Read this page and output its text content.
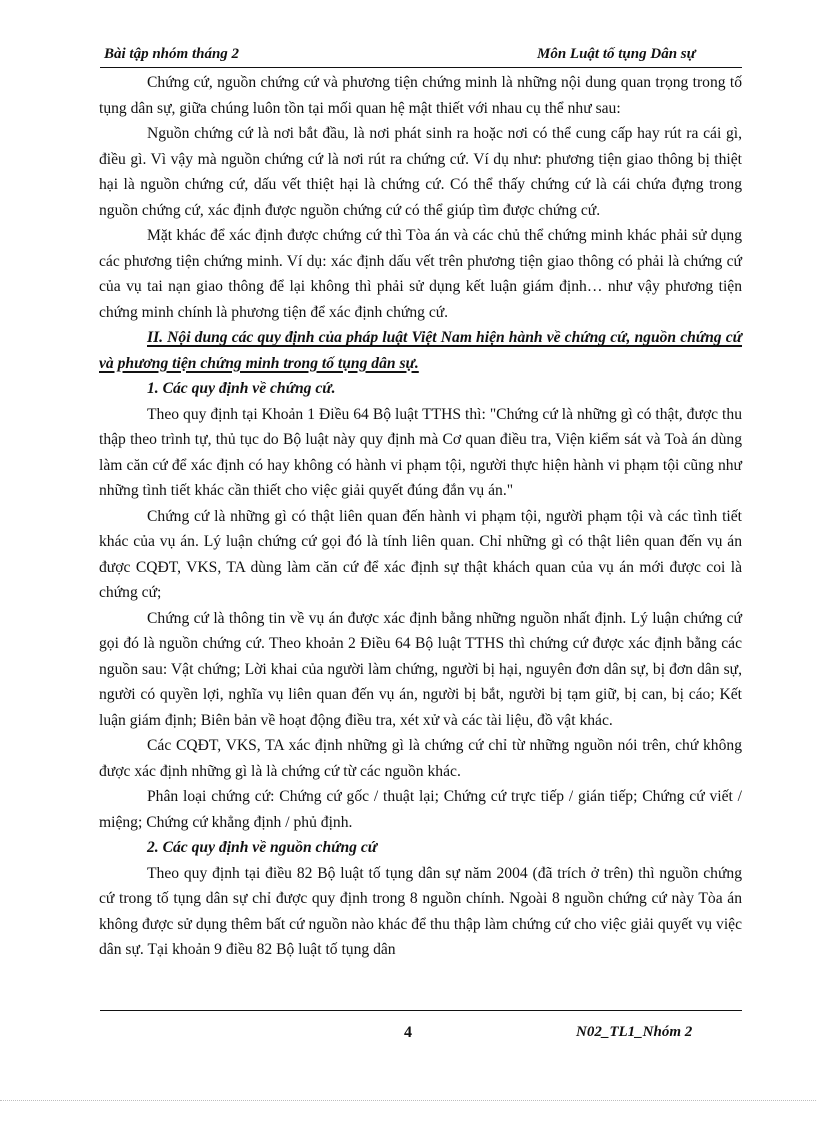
Bài tập nhóm tháng 2	Môn Luật tố tụng Dân sự

Chứng cứ, nguồn chứng cứ và phương tiện chứng minh là những nội dung quan trọng trong tố tụng dân sự, giữa chúng luôn tồn tại mối quan hệ mật thiết với nhau cụ thể như sau:

Nguồn chứng cứ là nơi bắt đầu, là nơi phát sinh ra hoặc nơi có thể cung cấp hay rút ra cái gì, điều gì. Vì vậy mà nguồn chứng cứ là nơi rút ra chứng cứ. Ví dụ như: phương tiện giao thông bị thiệt hại là nguồn chứng cứ, dấu vết thiệt hại là chứng cứ. Có thể thấy chứng cứ là cái chứa đựng trong nguồn chứng cứ, xác định được nguồn chứng cứ có thể giúp tìm được chứng cứ.

Mặt khác để xác định được chứng cứ thì Tòa án và các chủ thể chứng minh khác phải sử dụng các phương tiện chứng minh. Ví dụ: xác định dấu vết trên phương tiện giao thông có phải là chứng cứ của vụ tai nạn giao thông để lại không thì phải sử dụng kết luận giám định… như vậy phương tiện chứng minh chính là phương tiện để xác định chứng cứ.

II. Nội dung các quy định của pháp luật Việt Nam hiện hành về chứng cứ, nguồn chứng cứ và phương tiện chứng minh trong tố tụng dân sự.

1. Các quy định về chứng cứ.

Theo quy định tại Khoản 1 Điều 64 Bộ luật TTHS thì: "Chứng cứ là những gì có thật, được thu thập theo trình tự, thủ tục do Bộ luật này quy định mà Cơ quan điều tra, Viện kiểm sát và Toà án dùng làm căn cứ để xác định có hay không có hành vi phạm tội, người thực hiện hành vi phạm tội cũng như những tình tiết khác cần thiết cho việc giải quyết đúng đắn vụ án."

Chứng cứ là những gì có thật liên quan đến hành vi phạm tội, người phạm tội và các tình tiết khác của vụ án. Lý luận chứng cứ gọi đó là tính liên quan. Chỉ những gì có thật liên quan đến vụ án được CQĐT, VKS, TA dùng làm căn cứ để xác định sự thật khách quan của vụ án mới được coi là chứng cứ;

Chứng cứ là thông tin về vụ án được xác định bằng những nguồn nhất định. Lý luận chứng cứ gọi đó là nguồn chứng cứ. Theo khoản 2 Điều 64 Bộ luật TTHS thì chứng cứ được xác định bằng các nguồn sau: Vật chứng; Lời khai của người làm chứng, người bị hại, nguyên đơn dân sự, bị đơn dân sự, người có quyền lợi, nghĩa vụ liên quan đến vụ án, người bị bắt, người bị tạm giữ, bị can, bị cáo; Kết luận giám định; Biên bản về hoạt động điều tra, xét xử và các tài liệu, đồ vật khác.

Các CQĐT, VKS, TA xác định những gì là chứng cứ chỉ từ những nguồn nói trên, chứ không được xác định những gì là là chứng cứ từ các nguồn khác.

Phân loại chứng cứ: Chứng cứ gốc / thuật lại; Chứng cứ trực tiếp / gián tiếp; Chứng cứ viết / miệng; Chứng cứ khẳng định / phủ định.

2. Các quy định về nguồn chứng cứ

Theo quy định tại điều 82 Bộ luật tố tụng dân sự năm 2004 (đã trích ở trên) thì nguồn chứng cứ trong tố tụng dân sự chỉ được quy định trong 8 nguồn chính. Ngoài 8 nguồn chứng cứ này Tòa án không được sử dụng thêm bất cứ nguồn nào khác để thu thập làm chứng cứ cho việc giải quyết vụ việc dân sự. Tại khoản 9 điều 82 Bộ luật tố tụng dân

4	N02_TL1_Nhóm 2
